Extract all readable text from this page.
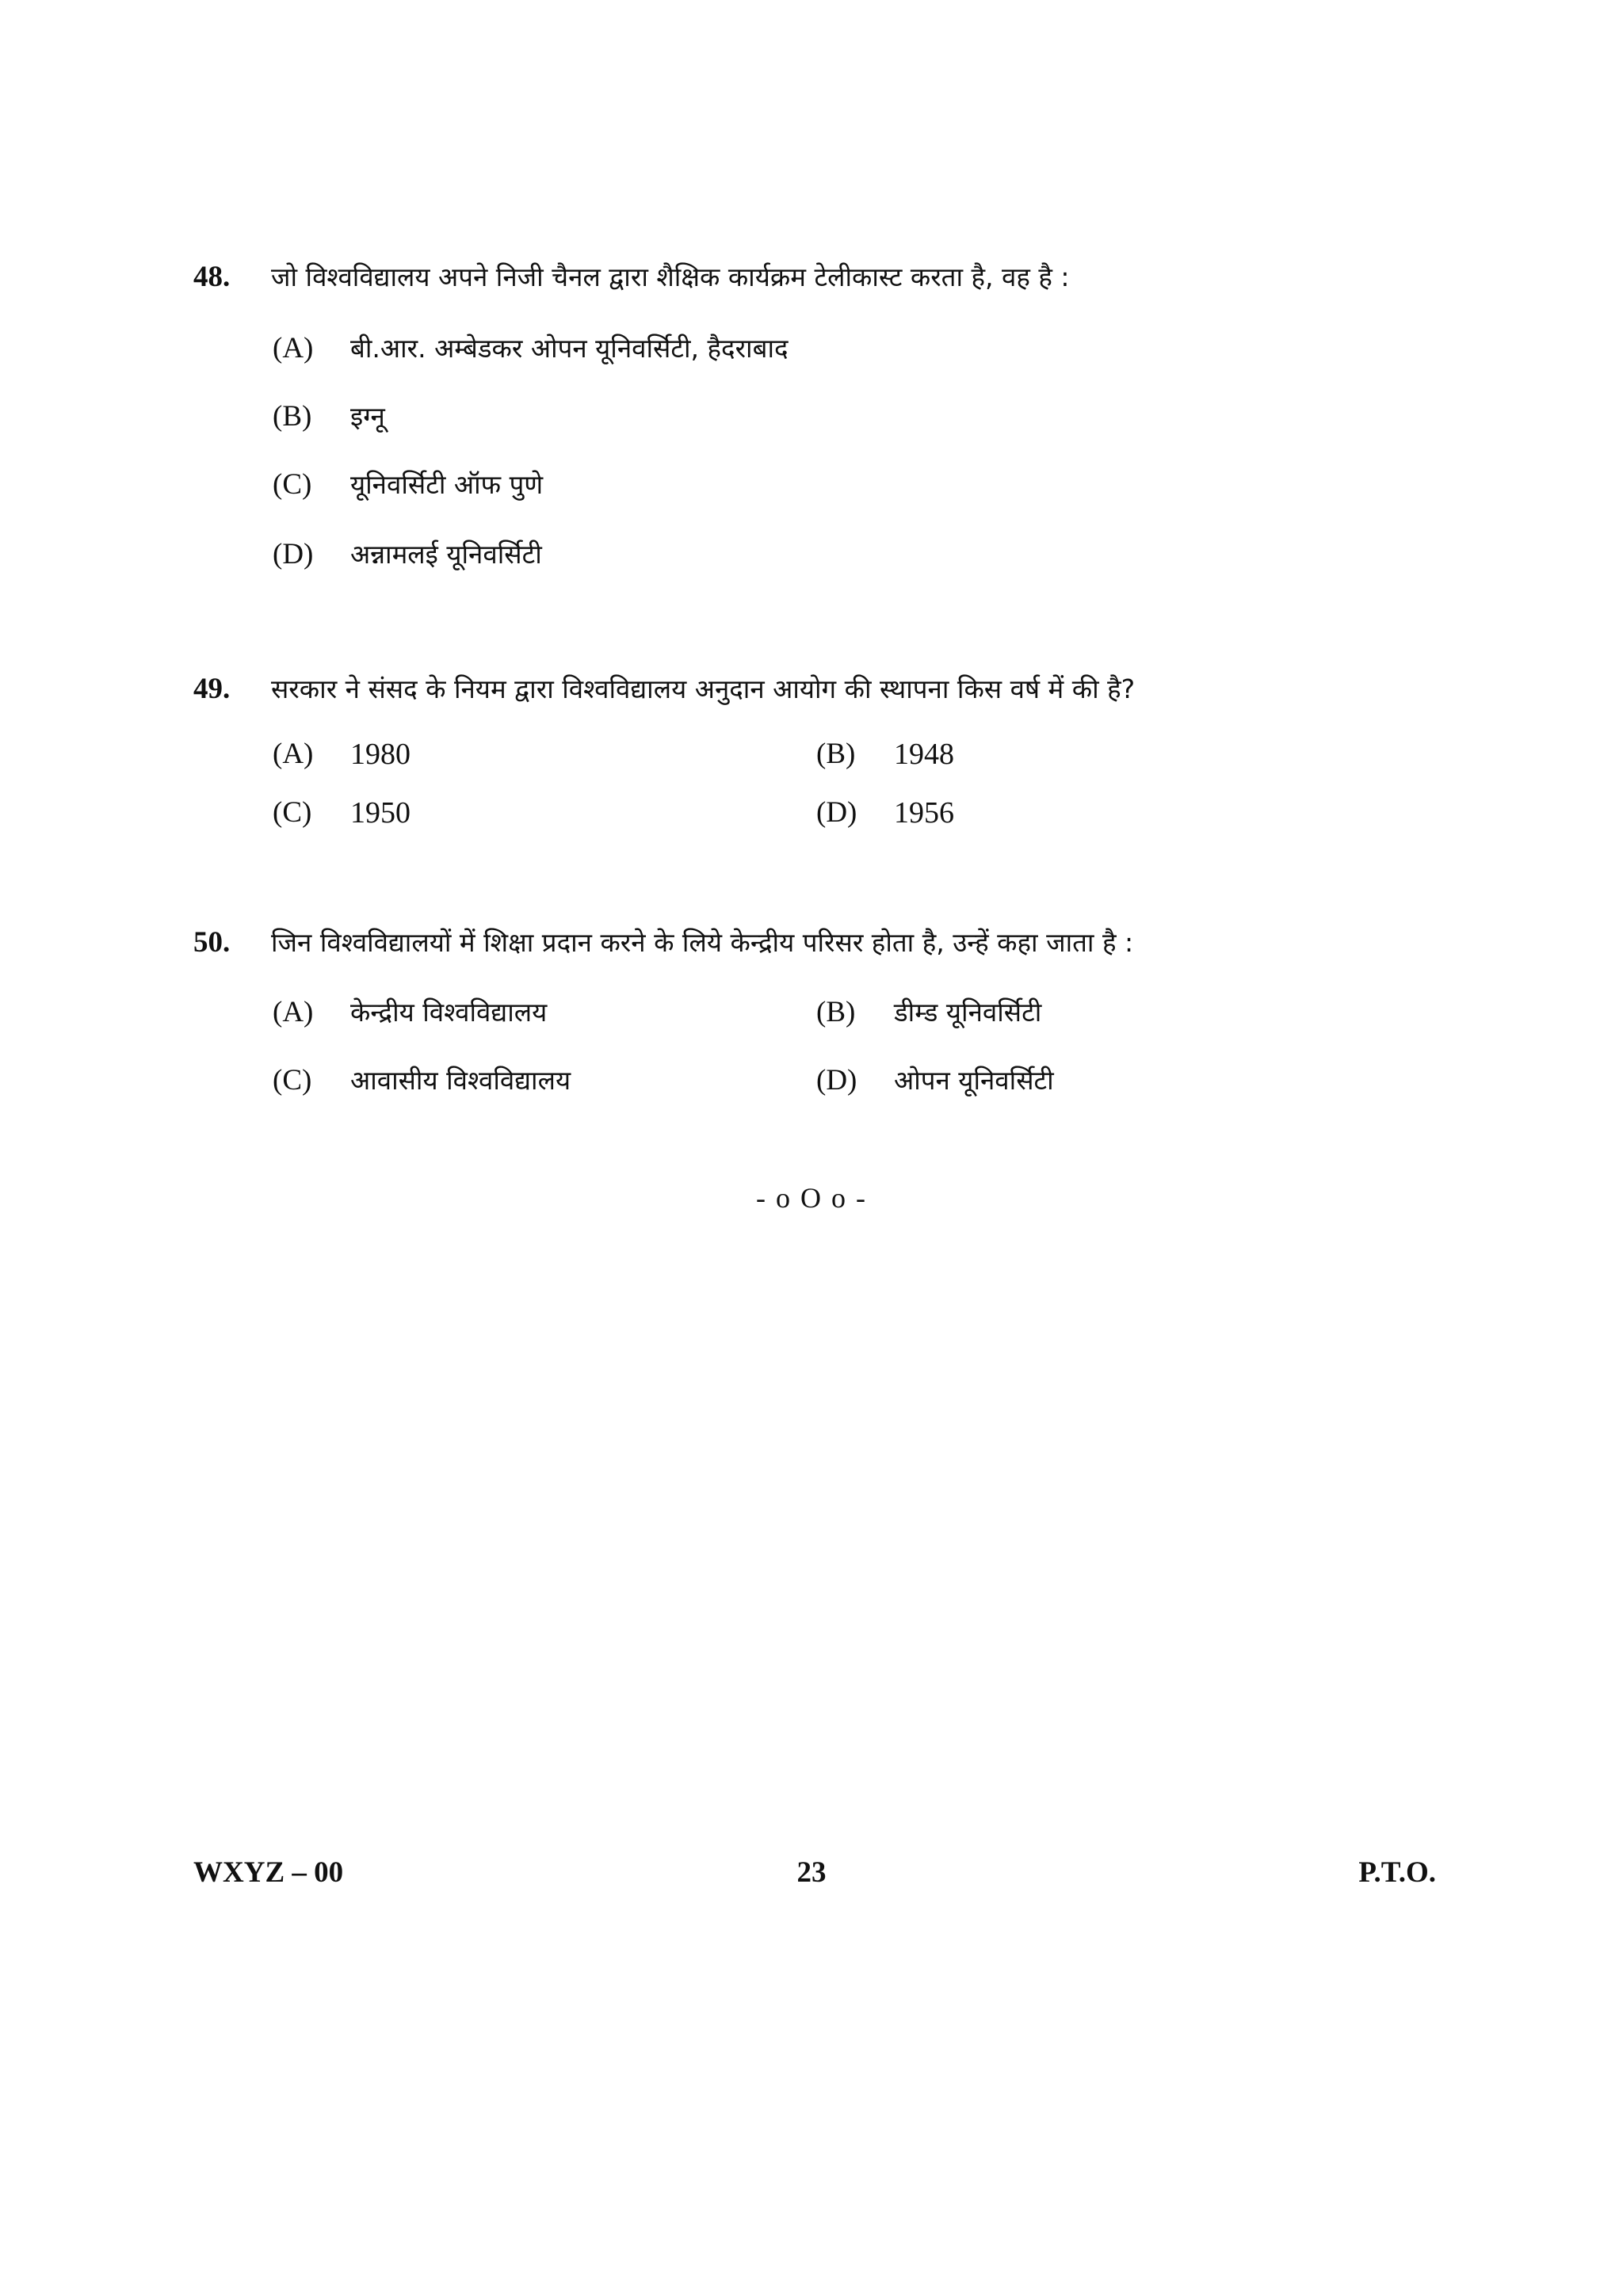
48. जो विश्वविद्यालय अपने निजी चैनल द्वारा शैक्षिक कार्यक्रम टेलीकास्ट करता है, वह है :
(A) बी.आर. अम्बेडकर ओपन यूनिवर्सिटी, हैदराबाद
(B) इग्नू
(C) यूनिवर्सिटी ऑफ पुणे
(D) अन्नामलई यूनिवर्सिटी
49. सरकार ने संसद के नियम द्वारा विश्वविद्यालय अनुदान आयोग की स्थापना किस वर्ष में की है?
(A) 1980	(B) 1948
(C) 1950	(D) 1956
50. जिन विश्वविद्यालयों में शिक्षा प्रदान करने के लिये केन्द्रीय परिसर होता है, उन्हें कहा जाता है :
(A) केन्द्रीय विश्वविद्यालय	(B) डीम्ड यूनिवर्सिटी
(C) आवासीय विश्वविद्यालय	(D) ओपन यूनिवर्सिटी
- o O o -
WXYZ – 00	23	P.T.O.
